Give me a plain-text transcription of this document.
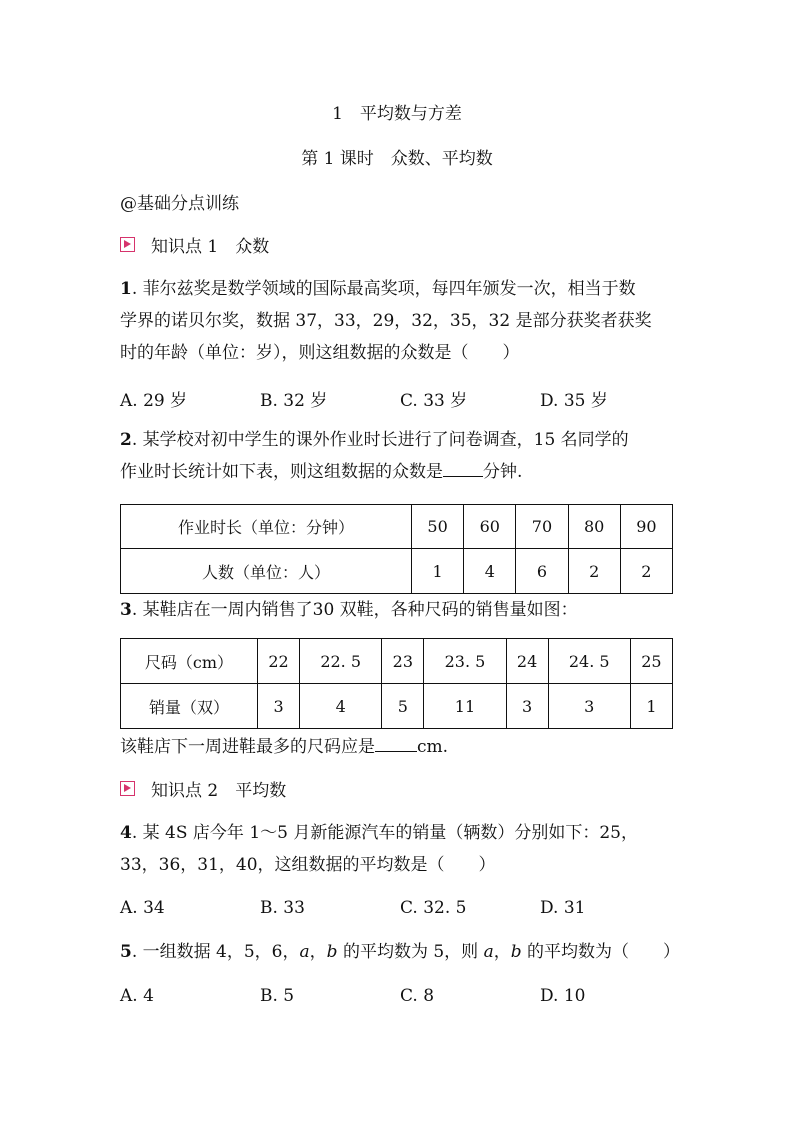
1　平均数与方差
第 1 课时　众数、平均数
@基础分点训练
知识点 1　众数
1. 菲尔兹奖是数学领域的国际最高奖项，每四年颁发一次，相当于数
学界的诺贝尔奖，数据 37，33，29，32，35，32 是部分获奖者获奖
时的年龄（单位：岁），则这组数据的众数是（　　）
A. 29 岁	B. 32 岁	C. 33 岁	D. 35 岁
2. 某学校对初中学生的课外作业时长进行了问卷调查，15 名同学的
作业时长统计如下表，则这组数据的众数是 分钟.
作业时长（单位：分钟）	50	60	70	80	90
人数（单位：人）	1	4	6	2	2
3. 某鞋店在一周内销售了30 双鞋，各种尺码的销售量如图：
尺码（cm）	22	22. 5	23	23. 5	24	24. 5	25
销量（双）	3	4	5	11	3	3	1
该鞋店下一周进鞋最多的尺码应是 cm.
知识点 2　平均数
4. 某 4S 店今年 1～5 月新能源汽车的销量（辆数）分别如下：25，
33，36，31，40，这组数据的平均数是（　　）
A. 34	B. 33	C. 32. 5	D. 31
5. 一组数据 4，5，6，a，b 的平均数为 5，则 a，b 的平均数为（　　）
A. 4	B. 5	C. 8	D. 10
